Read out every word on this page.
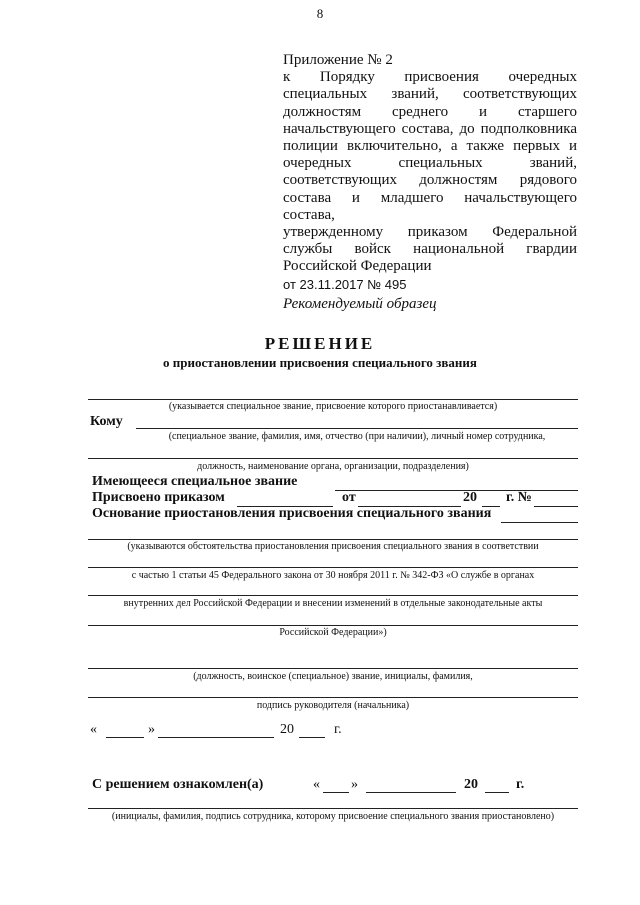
8
Приложение № 2
к Порядку присвоения очередных
специальных званий, соответствующих
должностям среднего и старшего
начальствующего состава, до подполковника
полиции включительно, а также первых и
очередных специальных званий,
соответствующих должностям рядового
состава и младшего начальствующего состава,
утвержденному приказом Федеральной
службы войск национальной гвардии
Российской Федерации
от 23.11.2017 № 495
Рекомендуемый образец
РЕШЕНИЕ
о приостановлении присвоения специального звания
(указывается специальное звание, присвоение которого приостанавливается)
Кому
(специальное звание, фамилия, имя, отчество (при наличии), личный номер сотрудника,
должность, наименование органа, организации, подразделения)
Имеющееся специальное звание
Присвоено приказом	от	20 г. №
Основание приостановления присвоения специального звания
(указываются обстоятельства приостановления присвоения специального звания в соответствии
с частью 1 статьи 45 Федерального закона от 30 ноября 2011 г. № 342-ФЗ «О службе в органах
внутренних дел Российской Федерации и внесении изменений в отдельные законодательные акты
Российской Федерации»)
(должность, воинское (специальное) звание, инициалы, фамилия,
подпись руководителя (начальника)
«	»	20	г.
С решением ознакомлен(а)	« »	20	г.
(инициалы, фамилия, подпись сотрудника, которому присвоение специального звания приостановлено)
